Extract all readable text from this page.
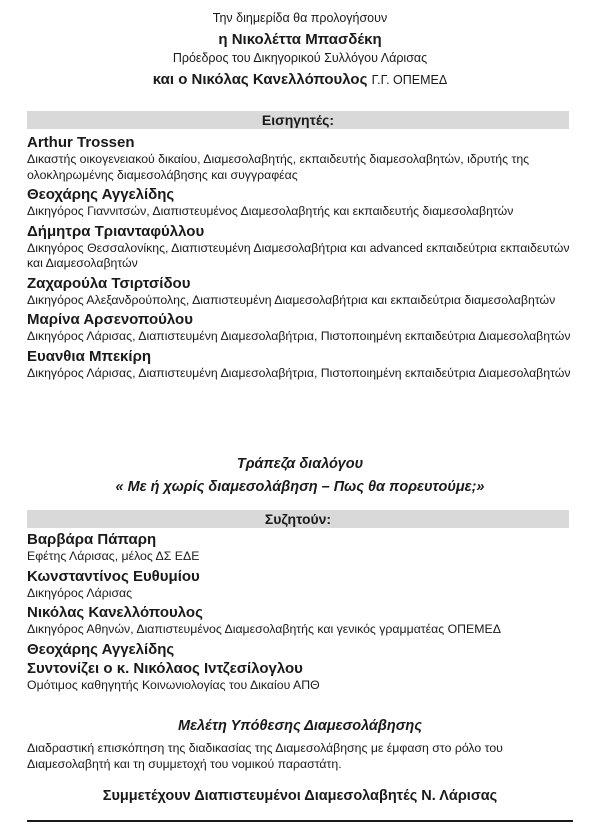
Την διημερίδα θα προλογήσουν
η Νικολέττα Μπασδέκη
Πρόεδρος του Δικηγορικού Συλλόγου Λάρισας
και ο Νικόλας Κανελλόπουλος Γ.Γ. ΟΠΕΜΕΔ
Εισηγητές:
Arthur Trossen
Δικαστής οικογενειακού δικαίου, Διαμεσολαβητής, εκπαιδευτής διαμεσολαβητών, ιδρυτής της ολοκληρωμένης διαμεσολάβησης και συγγραφέας
Θεοχάρης Αγγελίδης
Δικηγόρος Γιαννιτσών, Διαπιστευμένος Διαμεσολαβητής και εκπαιδευτής διαμεσολαβητών
Δήμητρα Τριανταφύλλου
Δικηγόρος Θεσσαλονίκης, Διαπιστευμένη Διαμεσολαβήτρια και advanced εκπαιδεύτρια εκπαιδευτών και Διαμεσολαβητών
Ζαχαρούλα Τσιρτσίδου
Δικηγόρος Αλεξανδρούπολης, Διαπιστευμένη Διαμεσολαβήτρια και εκπαιδεύτρια διαμεσολαβητών
Μαρίνα Αρσενοπούλου
Δικηγόρος Λάρισας, Διαπιστευμένη Διαμεσολαβήτρια, Πιστοποιημένη εκπαιδεύτρια Διαμεσολαβητών
Ευανθια Μπεκίρη
Δικηγόρος Λάρισας, Διαπιστευμένη Διαμεσολαβήτρια, Πιστοποιημένη εκπαιδεύτρια Διαμεσολαβητών
Τράπεζα διαλόγου
« Με ή χωρίς διαμεσολάβηση – Πως θα πορευτούμε;»
Συζητούν:
Βαρβάρα Πάπαρη
Εφέτης Λάρισας, μέλος ΔΣ ΕΔΕ
Κωνσταντίνος Ευθυμίου
Δικηγόρος Λάρισας
Νικόλας Κανελλόπουλος
Δικηγόρος Αθηνών, Διαπιστευμένος Διαμεσολαβητής και γενικός γραμματέας ΟΠΕΜΕΔ
Θεοχάρης Αγγελίδης
Συντονίζει ο κ. Νικόλαος Ιντζεσίλογλου
Ομότιμος καθηγητής Κοινωνιολογίας του Δικαίου ΑΠΘ
Μελέτη Υπόθεσης Διαμεσολάβησης
Διαδραστική επισκόπηση της διαδικασίας της Διαμεσολάβησης με έμφαση στο ρόλο του Διαμεσολαβητή και τη συμμετοχή του νομικού παραστάτη.
Συμμετέχουν Διαπιστευμένοι Διαμεσολαβητές Ν. Λάρισας
